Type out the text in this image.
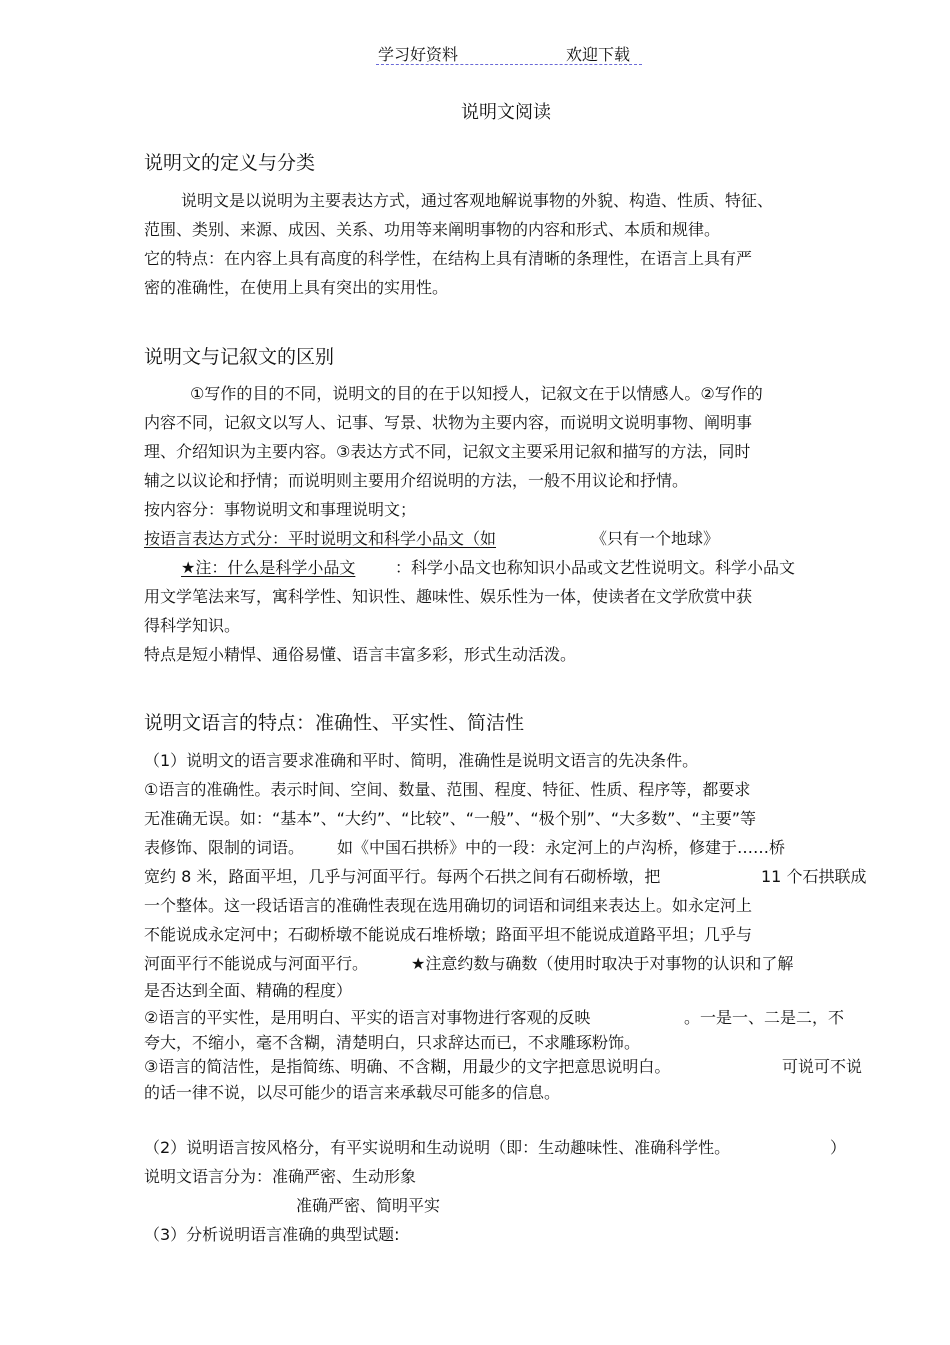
学习好资料	欢迎下载
说明文阅读
说明文的定义与分类
说明文是以说明为主要表达方式，通过客观地解说事物的外貌、构造、性质、特征、
范围、类别、来源、成因、关系、功用等来阐明事物的内容和形式、本质和规律。
它的特点：在内容上具有高度的科学性，在结构上具有清晰的条理性，在语言上具有严
密的准确性，在使用上具有突出的实用性。
说明文与记叙文的区别
①写作的目的不同，说明文的目的在于以知授人，记叙文在于以情感人。②写作的
内容不同，记叙文以写人、记事、写景、状物为主要内容，而说明文说明事物、阐明事
理、介绍知识为主要内容。③表达方式不同，记叙文主要采用记叙和描写的方法，同时
辅之以议论和抒情；而说明则主要用介绍说明的方法，一般不用议论和抒情。
按内容分：事物说明文和事理说明文；
按语言表达方式分：平时说明文和科学小品文（如	《只有一个地球》
★注：什么是科学小品文 ：科学小品文也称知识小品或文艺性说明文。科学小品文
用文学笔法来写，寓科学性、知识性、趣味性、娱乐性为一体，使读者在文学欣赏中获
得科学知识。
特点是短小精悍、通俗易懂、语言丰富多彩，形式生动活泼。
说明文语言的特点：准确性、平实性、简洁性
（1）说明文的语言要求准确和平时、简明，准确性是说明文语言的先决条件。
①语言的准确性。表示时间、空间、数量、范围、程度、特征、性质、程序等，都要求
无准确无误。如：“基本”、“大约”、“比较”、“一般”、“极个别”、“大多数”、“主要”等
表修饰、限制的词语。 如《中国石拱桥》中的一段：永定河上的卢沟桥，修建于……桥
宽约 8 米，路面平坦，几乎与河面平行。每两个石拱之间有石砌桥墩，把	11 个石拱联成
一个整体。这一段话语言的准确性表现在选用确切的词语和词组来表达上。如永定河上
不能说成永定河中；石砌桥墩不能说成石堆桥墩；路面平坦不能说成道路平坦；几乎与
河面平行不能说成与河面平行。	★注意约数与确数（使用时取决于对事物的认识和了解
是否达到全面、精确的程度）
②语言的平实性，是用明白、平实的语言对事物进行客观的反映	。一是一、二是二，不
夸大，不缩小，毫不含糊，清楚明白，只求辞达而已，不求雕琢粉饰。
③语言的简洁性，是指简练、明确、不含糊，用最少的文字把意思说明白。	可说可不说
的话一律不说，以尽可能少的语言来承载尽可能多的信息。
（2）说明语言按风格分，有平实说明和生动说明（即：生动趣味性、准确科学性。	）
说明文语言分为：准确严密、生动形象
准确严密、简明平实
（3）分析说明语言准确的典型试题:
